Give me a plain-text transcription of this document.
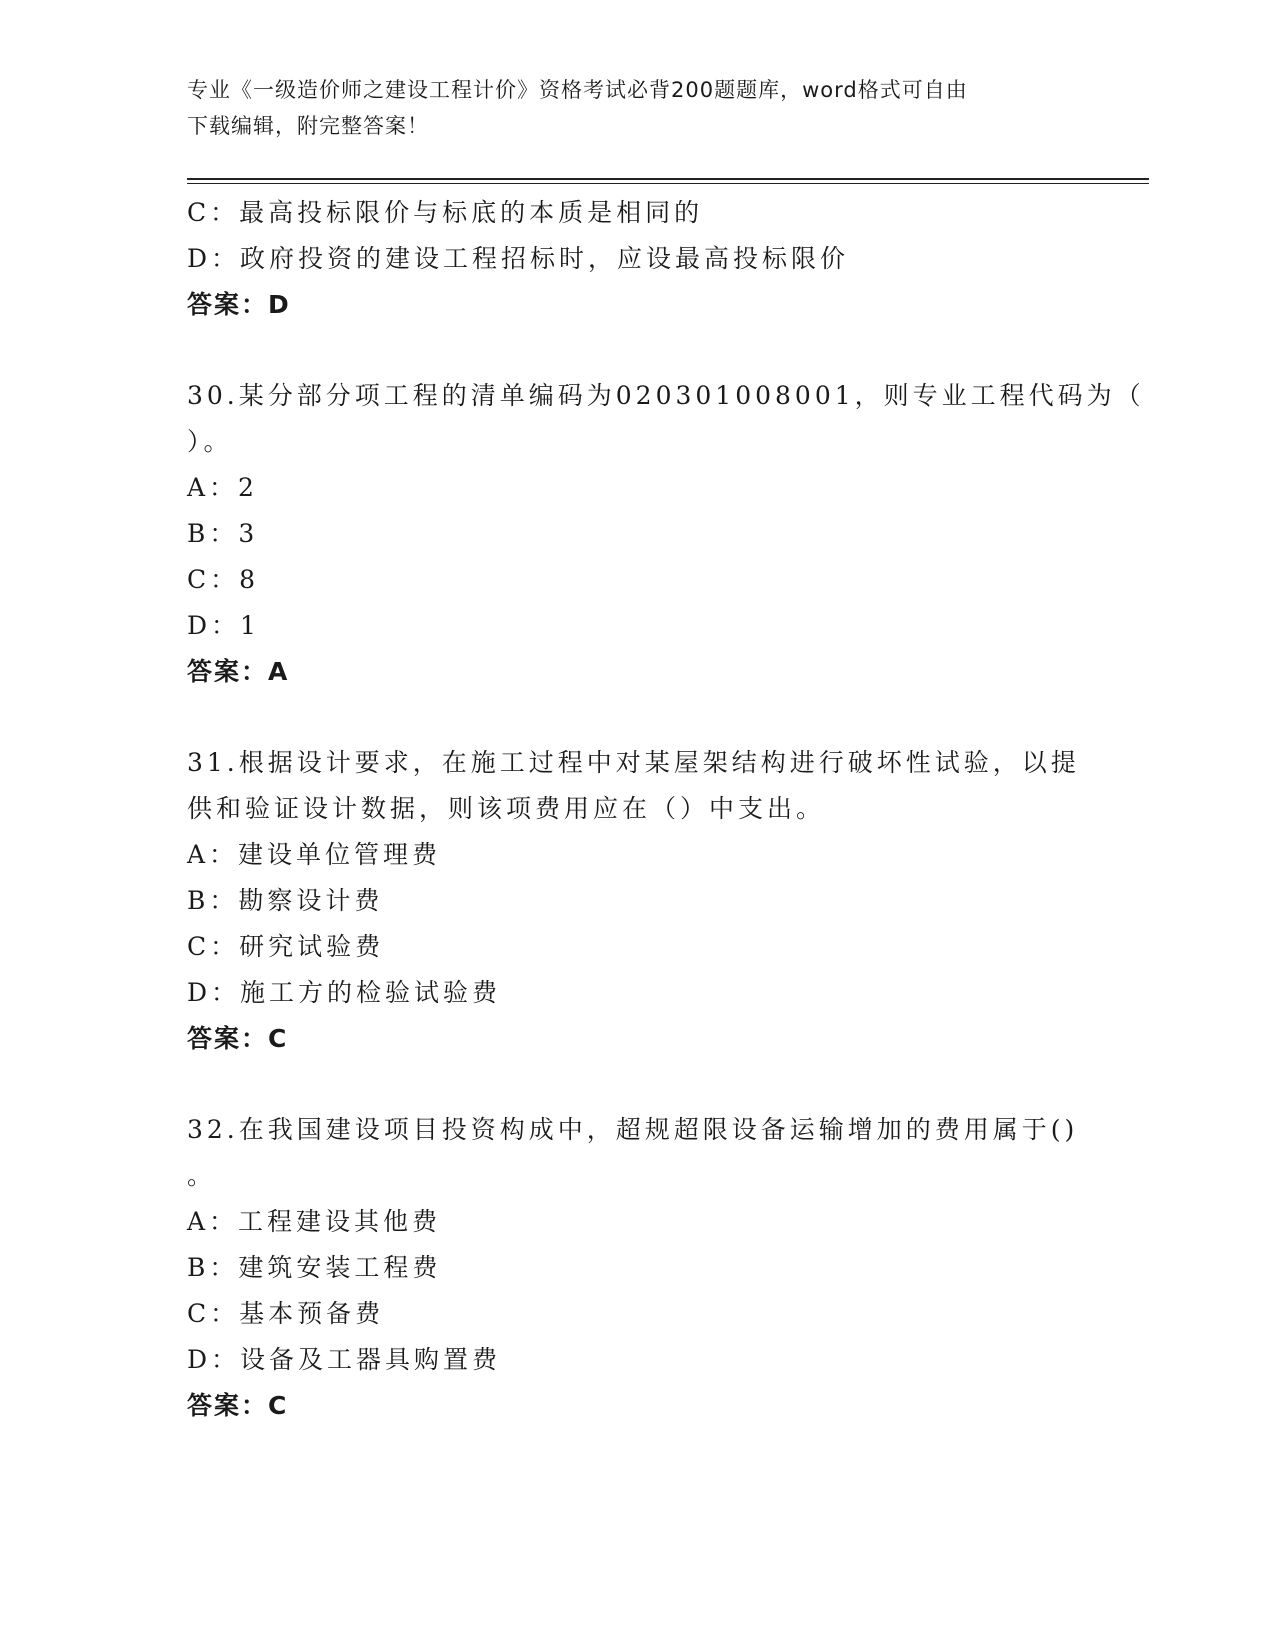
专业《一级造价师之建设工程计价》资格考试必背200题题库，word格式可自由
下载编辑，附完整答案！
C：最高投标限价与标底的本质是相同的
D：政府投资的建设工程招标时，应设最高投标限价
答案：D
30.某分部分项工程的清单编码为020301008001，则专业工程代码为（
）。
A：2
B：3
C：8
D：1
答案：A
31.根据设计要求，在施工过程中对某屋架结构进行破坏性试验，以提
供和验证设计数据，则该项费用应在（）中支出。
A：建设单位管理费
B：勘察设计费
C：研究试验费
D：施工方的检验试验费
答案：C
32.在我国建设项目投资构成中，超规超限设备运输增加的费用属于()
。
A：工程建设其他费
B：建筑安装工程费
C：基本预备费
D：设备及工器具购置费
答案：C
